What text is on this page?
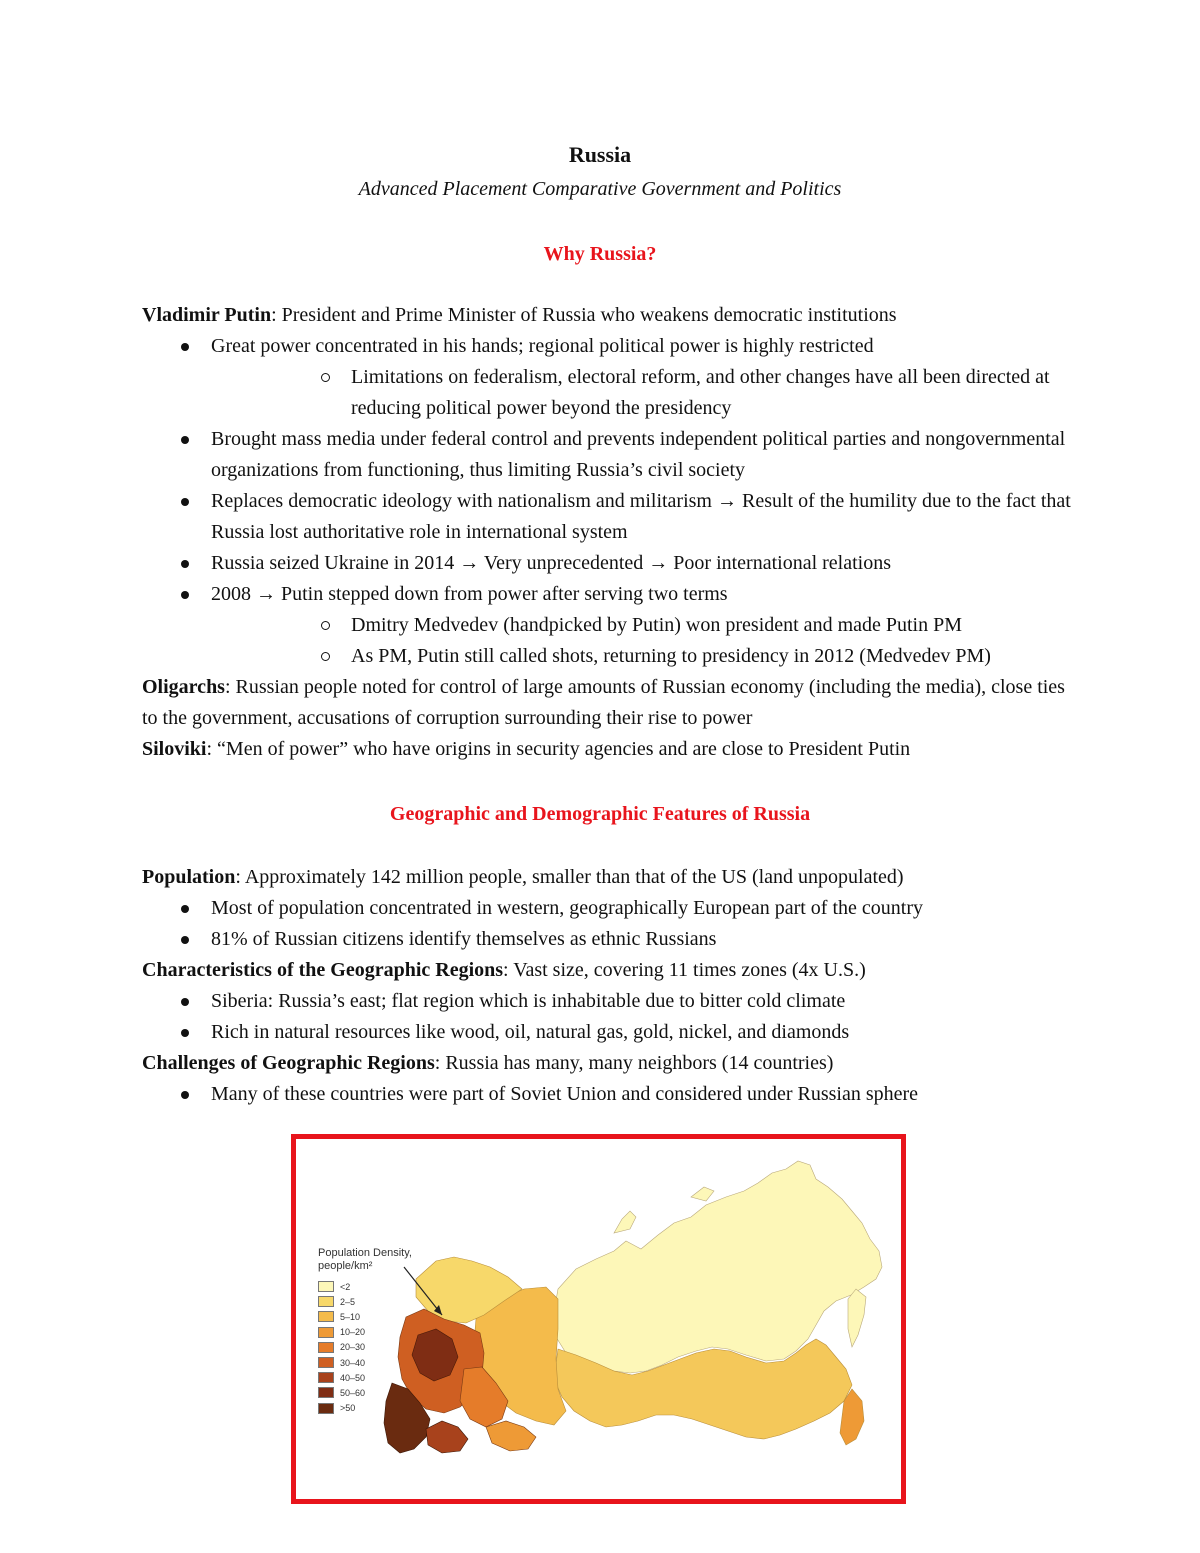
Russia
Advanced Placement Comparative Government and Politics
Why Russia?

Vladimir Putin: President and Prime Minister of Russia who weakens democratic institutions

Great power concentrated in his hands; regional political power is highly restricted
Limitations on federalism, electoral reform, and other changes have all been directed at reducing political power beyond the presidency
Brought mass media under federal control and prevents independent political parties and nongovernmental organizations from functioning, thus limiting Russia’s civil society
Replaces democratic ideology with nationalism and militarism → Result of the humility due to the fact that Russia lost authoritative role in international system
Russia seized Ukraine in 2014 → Very unprecedented → Poor international relations
2008 → Putin stepped down from power after serving two terms
Dmitry Medvedev (handpicked by Putin) won president and made Putin PM
As PM, Putin still called shots, returning to presidency in 2012 (Medvedev PM)

Oligarchs: Russian people noted for control of large amounts of Russian economy (including the media), close ties to the government, accusations of corruption surrounding their rise to power

Siloviki: “Men of power” who have origins in security agencies and are close to President Putin

Geographic and Demographic Features of Russia

Population: Approximately 142 million people, smaller than that of the US (land unpopulated)

Most of population concentrated in western, geographically European part of the country
81% of Russian citizens identify themselves as ethnic Russians

Characteristics of the Geographic Regions: Vast size, covering 11 times zones (4x U.S.)

Siberia: Russia’s east; flat region which is inhabitable due to bitter cold climate
Rich in natural resources like wood, oil, natural gas, gold, nickel, and diamonds

Challenges of Geographic Regions: Russia has many, many neighbors (14 countries)

Many of these countries were part of Soviet Union and considered under Russian sphere
Population Density,
people/km²
<2
2–5
5–10
10–20
20–30
30–40
40–50
50–60
>50
